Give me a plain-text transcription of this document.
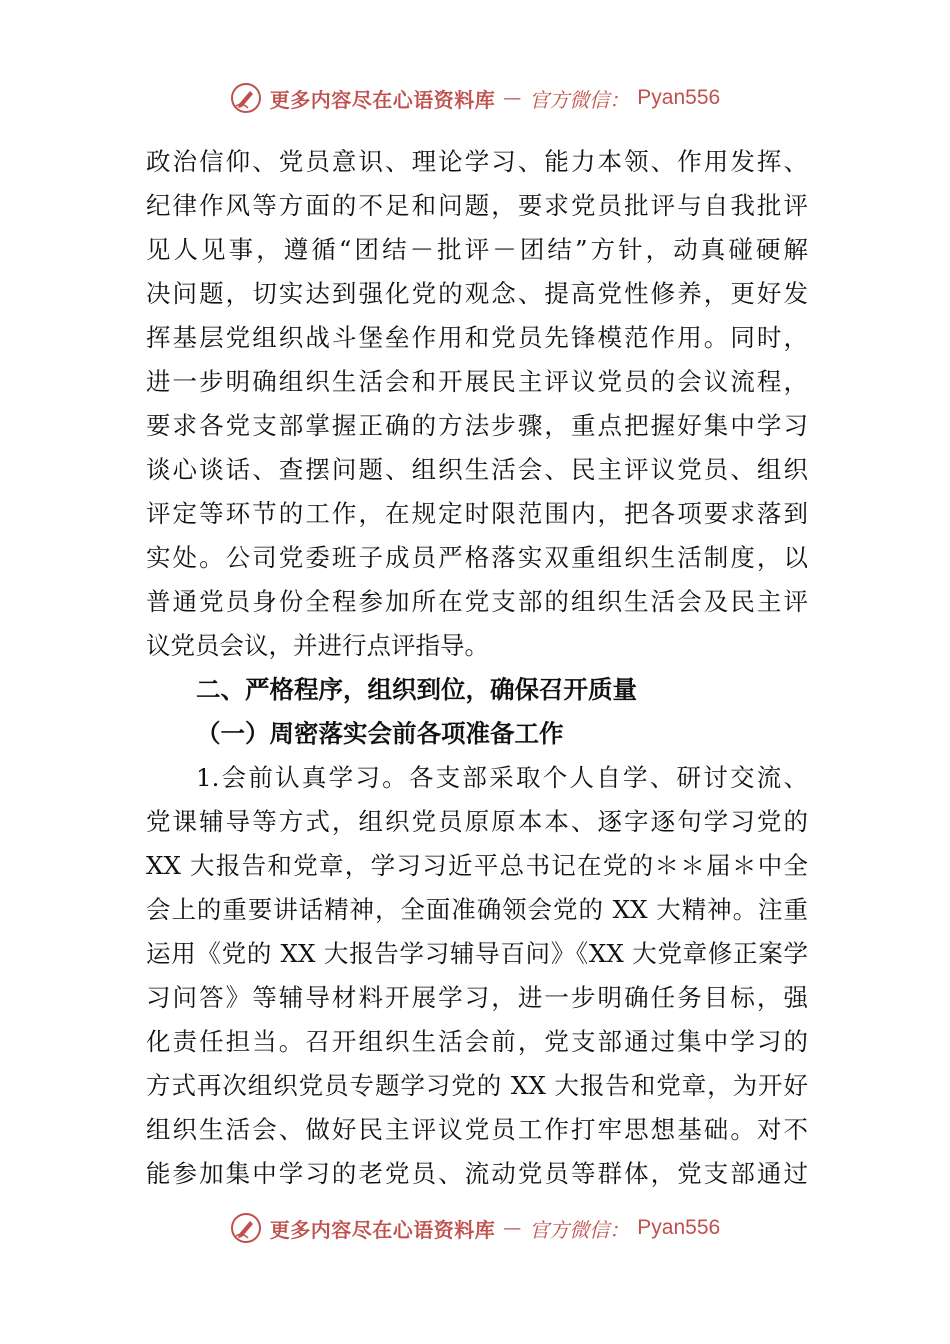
更多内容尽在心语资料库 — 官方微信： Pyan556
政治信仰、党员意识、理论学习、能力本领、作用发挥、
纪律作风等方面的不足和问题，要求党员批评与自我批评
见人见事，遵循“团结－批评－团结”方针，动真碰硬解
决问题，切实达到强化党的观念、提高党性修养，更好发
挥基层党组织战斗堡垒作用和党员先锋模范作用。同时，
进一步明确组织生活会和开展民主评议党员的会议流程，
要求各党支部掌握正确的方法步骤，重点把握好集中学习
谈心谈话、查摆问题、组织生活会、民主评议党员、组织
评定等环节的工作，在规定时限范围内，把各项要求落到
实处。公司党委班子成员严格落实双重组织生活制度，以
普通党员身份全程参加所在党支部的组织生活会及民主评
议党员会议，并进行点评指导。
二、严格程序，组织到位，确保召开质量
（一）周密落实会前各项准备工作
1.会前认真学习。各支部采取个人自学、研讨交流、
党课辅导等方式，组织党员原原本本、逐字逐句学习党的
XX 大报告和党章，学习习近平总书记在党的＊＊届＊中全
会上的重要讲话精神，全面准确领会党的 XX 大精神。注重
运用《党的 XX 大报告学习辅导百问》《XX 大党章修正案学
习问答》等辅导材料开展学习，进一步明确任务目标，强
化责任担当。召开组织生活会前，党支部通过集中学习的
方式再次组织党员专题学习党的 XX 大报告和党章，为开好
组织生活会、做好民主评议党员工作打牢思想基础。对不
能参加集中学习的老党员、流动党员等群体，党支部通过
更多内容尽在心语资料库 — 官方微信： Pyan556
